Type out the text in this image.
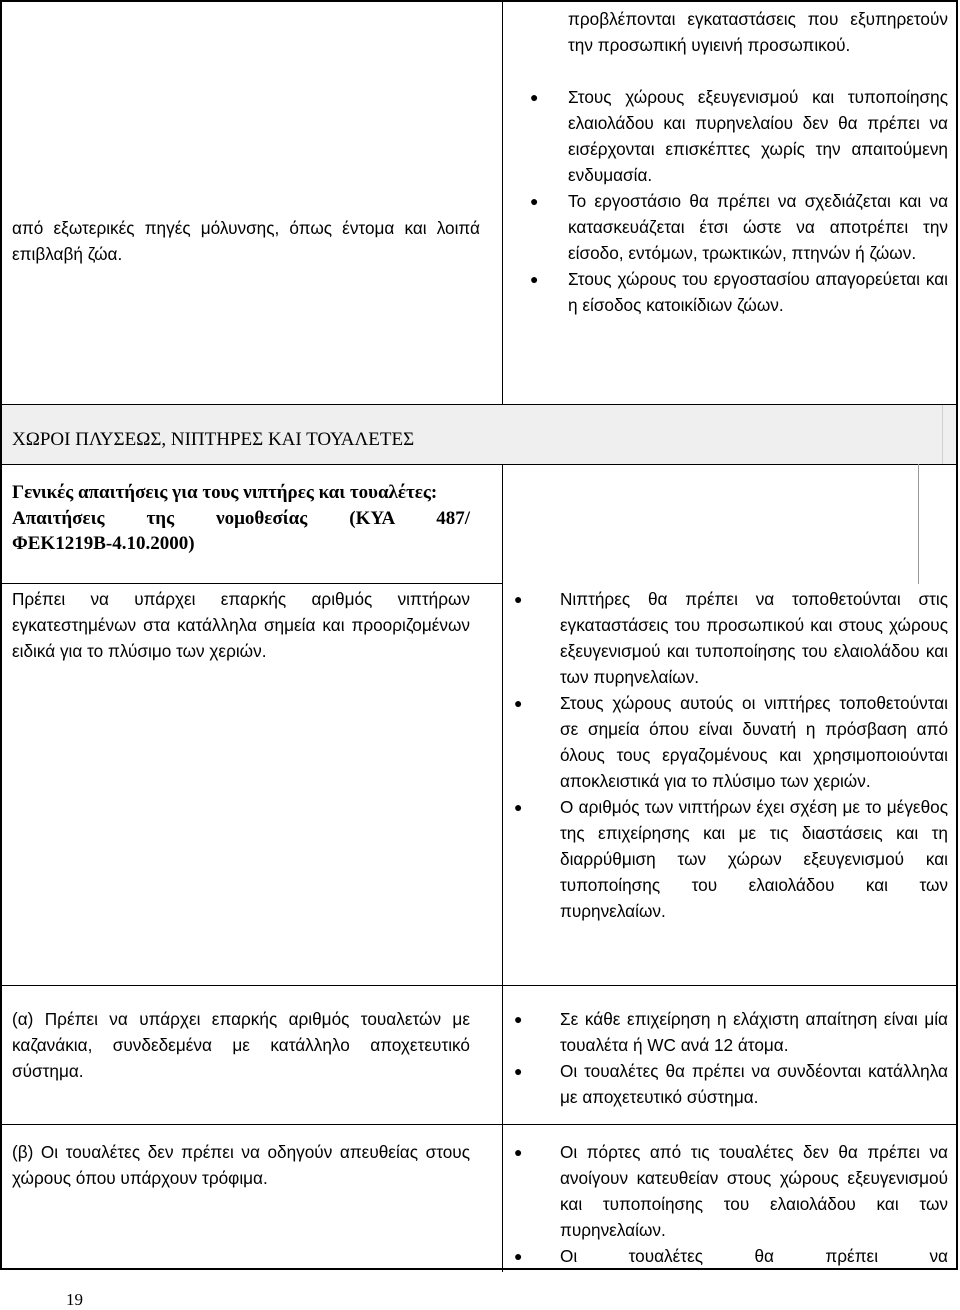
από εξωτερικές πηγές μόλυνσης, όπως έντομα και λοιπά επιβλαβή ζώα.
προβλέπονται εγκαταστάσεις που εξυπηρετούν την προσωπική υγιεινή προσωπικού.
● Στους χώρους εξευγενισμού και τυποποίησης ελαιολάδου και πυρηνελαίου δεν θα πρέπει να εισέρχονται επισκέπτες χωρίς την απαιτούμενη ενδυμασία.
● Το εργοστάσιο θα πρέπει να σχεδιάζεται και να κατασκευάζεται έτσι ώστε να αποτρέπει την είσοδο, εντόμων, τρωκτικών, πτηνών ή ζώων.
● Στους χώρους του εργοστασίου απαγορεύεται και η είσοδος κατοικίδιων ζώων.
ΧΩΡΟΙ ΠΛΥΣΕΩΣ, ΝΙΠΤΗΡΕΣ ΚΑΙ ΤΟΥΑΛΕΤΕΣ
Γενικές απαιτήσεις για τους νιπτήρες και τουαλέτες:
Απαιτήσεις της νομοθεσίας (ΚΥΑ 487/ΦΕΚ1219Β-4.10.2000)
Πρέπει να υπάρχει επαρκής αριθμός νιπτήρων εγκατεστημένων στα κατάλληλα σημεία και προοριζομένων ειδικά για το πλύσιμο των χεριών.
● Νιπτήρες θα πρέπει να τοποθετούνται στις εγκαταστάσεις του προσωπικού και στους χώρους εξευγενισμού και τυποποίησης του ελαιολάδου και των πυρηνελαίων.
● Στους χώρους αυτούς οι νιπτήρες τοποθετούνται σε σημεία όπου είναι δυνατή η πρόσβαση από όλους τους εργαζομένους και χρησιμοποιούνται αποκλειστικά για το πλύσιμο των χεριών.
● Ο αριθμός των νιπτήρων έχει σχέση με το μέγεθος της επιχείρησης και με τις διαστάσεις και τη διαρρύθμιση των χώρων εξευγενισμού και τυποποίησης του ελαιολάδου και των πυρηνελαίων.
(α) Πρέπει να υπάρχει επαρκής αριθμός τουαλετών με καζανάκια, συνδεδεμένα με κατάλληλο αποχετευτικό σύστημα.
● Σε κάθε επιχείρηση η ελάχιστη απαίτηση είναι μία τουαλέτα ή WC ανά 12 άτομα.
● Οι τουαλέτες θα πρέπει να συνδέονται κατάλληλα με αποχετευτικό σύστημα.
(β) Οι τουαλέτες δεν πρέπει να οδηγούν απευθείας στους χώρους όπου υπάρχουν τρόφιμα.
● Οι πόρτες από τις τουαλέτες δεν θα πρέπει να ανοίγουν κατευθείαν στους χώρους εξευγενισμού και τυποποίησης του ελαιολάδου και των πυρηνελαίων.
● Οι τουαλέτες θα πρέπει να
19
